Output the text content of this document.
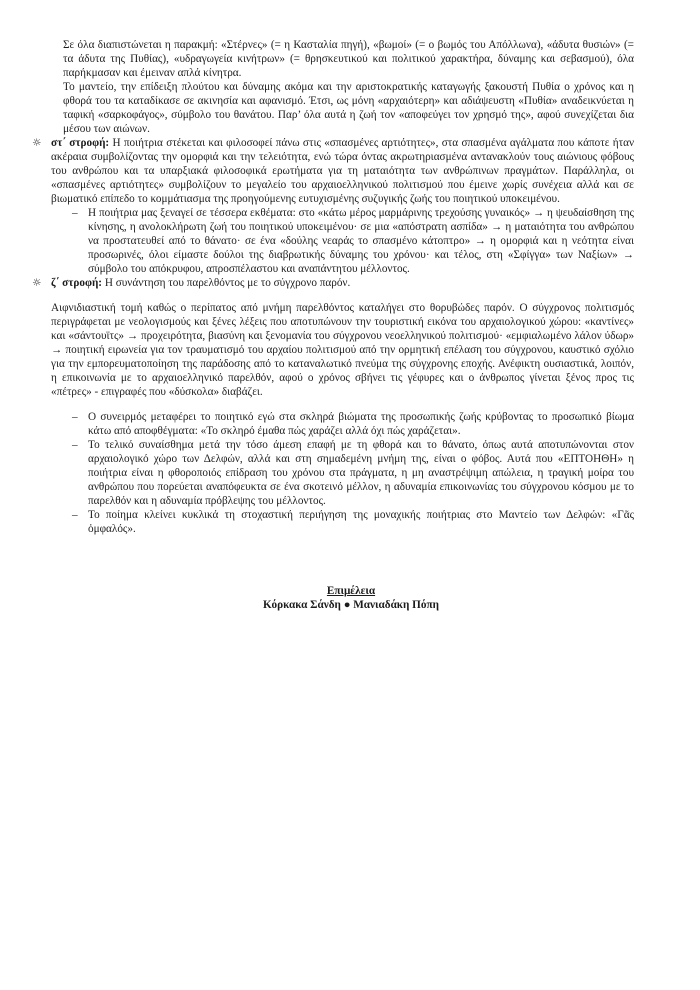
Σε όλα διαπιστώνεται η παρακμή: «Στέρνες» (= η Κασταλία πηγή), «βωμοί» (= ο βωμός του Απόλλωνα), «άδυτα θυσιών» (= τα άδυτα της Πυθίας), «υδραγωγεία κινήτρων» (= θρησκευτικού και πολιτικού χαρακτήρα, δύναμης και σεβασμού), όλα παρήκμασαν και έμειναν απλά κίνητρα.

Το μαντείο, την επίδειξη πλούτου και δύναμης ακόμα και την αριστοκρατικής καταγωγής ξακουστή Πυθία ο χρόνος και η φθορά του τα καταδίκασε σε ακινησία και αφανισμό. Έτσι, ως μόνη «αρχαιότερη» και αδιάψευστη «Πυθία» αναδεικνύεται η ταφική «σαρκοφάγος», σύμβολο του θανάτου. Παρ’ όλα αυτά η ζωή τον «αποφεύγει τον χρησμό της», αφού συνεχίζεται δια μέσου των αιώνων.

☼ στ΄ στροφή: Η ποιήτρια στέκεται και φιλοσοφεί πάνω στις «σπασμένες αρτιότητες», στα σπασμένα αγάλματα που κάποτε ήταν ακέραια συμβολίζοντας την ομορφιά και την τελειότητα, ενώ τώρα όντας ακρωτηριασμένα αντανακλούν τους αιώνιους φόβους του ανθρώπου και τα υπαρξιακά φιλοσοφικά ερωτήματα για τη ματαιότητα των ανθρώπινων πραγμάτων. Παράλληλα, οι «σπασμένες αρτιότητες» συμβολίζουν το μεγαλείο του αρχαιοελληνικού πολιτισμού που έμεινε χωρίς συνέχεια αλλά και σε βιωματικό επίπεδο το κομμάτιασμα της προηγούμενης ευτυχισμένης συζυγικής ζωής του ποιητικού υποκειμένου.
– Η ποιήτρια μας ξεναγεί σε τέσσερα εκθέματα: στο «κάτω μέρος μαρμάρινης τρεχούσης γυναικός» → η ψευδαίσθηση της κίνησης, η ανολοκλήρωτη ζωή του ποιητικού υποκειμένου· σε μια «απόστρατη ασπίδα» → η ματαιότητα του ανθρώπου να προστατευθεί από το θάνατο· σε ένα «δούλης νεαράς το σπασμένο κάτοπτρο» → η ομορφιά και η νεότητα είναι προσωρινές, όλοι είμαστε δούλοι της διαβρωτικής δύναμης του χρόνου· και τέλος, στη «Σφίγγα» των Ναξίων» → σύμβολο του απόκρυφου, απροσπέλαστου και αναπάντητου μέλλοντος.
☼ ζ΄ στροφή: Η συνάντηση του παρελθόντος με το σύγχρονο παρόν.

Αιφνιδιαστική τομή καθώς ο περίπατος από μνήμη παρελθόντος καταλήγει στο θορυβώδες παρόν. Ο σύγχρονος πολιτισμός περιγράφεται με νεολογισμούς και ξένες λέξεις που αποτυπώνουν την τουριστική εικόνα του αρχαιολογικού χώρου: «καντίνες» και «σάντουϊτς» → προχειρότητα, βιασύνη και ξενομανία του σύγχρονου νεοελληνικού πολιτισμού· «εμφιαλωμένο λάλον ύδωρ» → ποιητική ειρωνεία για τον τραυματισμό του αρχαίου πολιτισμού από την ορμητική επέλαση του σύγχρονου, καυστικό σχόλιο για την εμπορευματοποίηση της παράδοσης από το καταναλωτικό πνεύμα της σύγχρονης εποχής. Ανέφικτη ουσιαστικά, λοιπόν, η επικοινωνία με το αρχαιοελληνικό παρελθόν, αφού ο χρόνος σβήνει τις γέφυρες και ο άνθρωπος γίνεται ξένος προς τις «πέτρες» - επιγραφές που «δύσκολα» διαβάζει.

– Ο συνειρμός μεταφέρει το ποιητικό εγώ στα σκληρά βιώματα της προσωπικής ζωής κρύβοντας το προσωπικό βίωμα κάτω από αποφθέγματα: «Το σκληρό έμαθα πώς χαράζει αλλά όχι πώς χαράζεται».
– Το τελικό συναίσθημα μετά την τόσο άμεση επαφή με τη φθορά και το θάνατο, όπως αυτά αποτυπώνονται στον αρχαιολογικό χώρο των Δελφών, αλλά και στη σημαδεμένη μνήμη της, είναι ο φόβος. Αυτά που «ΕΠΤΟΗΘΗ» η ποιήτρια είναι η φθοροποιός επίδραση του χρόνου στα πράγματα, η μη αναστρέψιμη απώλεια, η τραγική μοίρα του ανθρώπου που πορεύεται αναπόφευκτα σε ένα σκοτεινό μέλλον, η αδυναμία επικοινωνίας του σύγχρονου κόσμου με το παρελθόν και η αδυναμία πρόβλεψης του μέλλοντος.
– Το ποίημα κλείνει κυκλικά τη στοχαστική περιήγηση της μοναχικής ποιήτριας στο Μαντείο των Δελφών: «Γᾶς ὀμφαλός».
Επιμέλεια
Κόρκακα Σάνδη ● Μανιαδάκη Πόπη
